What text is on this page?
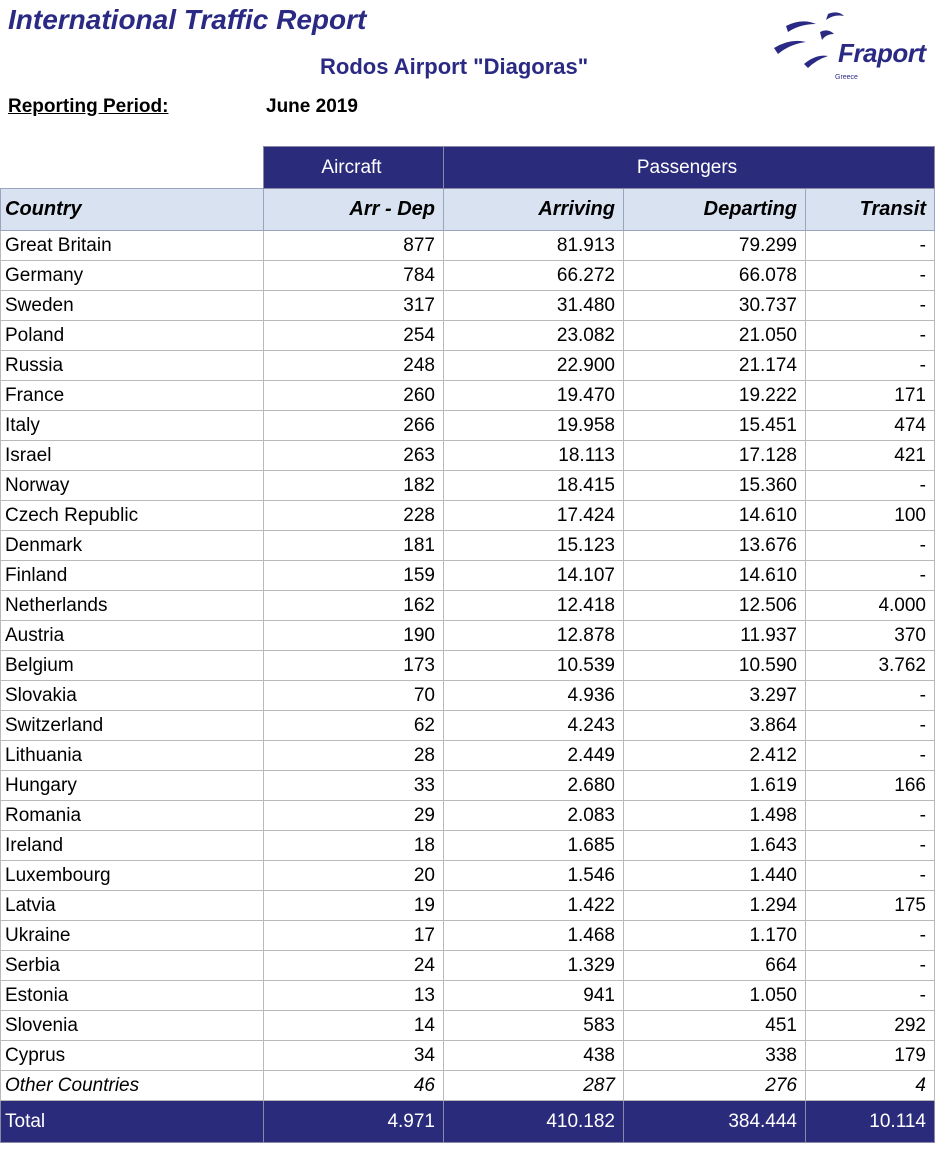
International Traffic Report
Rodos Airport "Diagoras"	Fraport
Greece
Reporting Period:	June 2019
	Aircraft	Passengers		
Country	Arr - Dep	Arriving	Departing	Transit
Great Britain	877	81.913	79.299	-
Germany	784	66.272	66.078	-
Sweden	317	31.480	30.737	-
Poland	254	23.082	21.050	-
Russia	248	22.900	21.174	-
France	260	19.470	19.222	171
Italy	266	19.958	15.451	474
Israel	263	18.113	17.128	421
Norway	182	18.415	15.360	-
Czech Republic	228	17.424	14.610	100
Denmark	181	15.123	13.676	-
Finland	159	14.107	14.610	-
Netherlands	162	12.418	12.506	4.000
Austria	190	12.878	11.937	370
Belgium	173	10.539	10.590	3.762
Slovakia	70	4.936	3.297	-
Switzerland	62	4.243	3.864	-
Lithuania	28	2.449	2.412	-
Hungary	33	2.680	1.619	166
Romania	29	2.083	1.498	-
Ireland	18	1.685	1.643	-
Luxembourg	20	1.546	1.440	-
Latvia	19	1.422	1.294	175
Ukraine	17	1.468	1.170	-
Serbia	24	1.329	664	-
Estonia	13	941	1.050	-
Slovenia	14	583	451	292
Cyprus	34	438	338	179
Other Countries	46	287	276	4
Total	4.971	410.182	384.444	10.114
